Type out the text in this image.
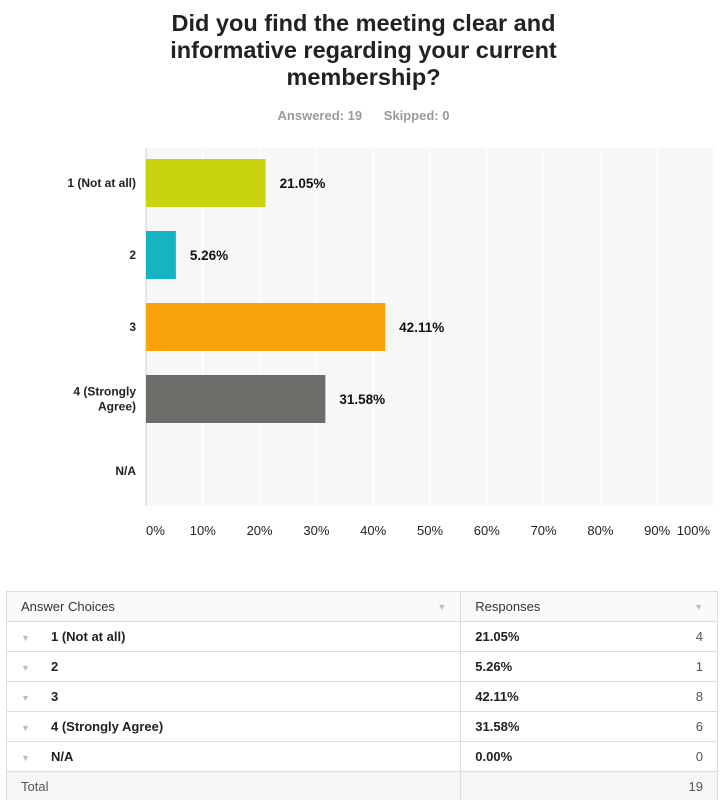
Did you find the meeting clear and
informative regarding your current
membership?
Answered: 19 Skipped: 0
0% 10% 20% 30% 40% 50% 60% 70% 80% 90% 100%
1 (Not at all)	21.05%
2	5.26%
3	42.11%
4 (Strongly
Agree)	31.58%
N/A
Answer Choices ▼	Responses ▼

▼ 1 (Not at all)	21.05% 4

▼ 2	5.26% 1

▼ 3	42.11% 8

▼ 4 (Strongly Agree)	31.58% 6

▼ N/A	0.00% 0

Total	19
